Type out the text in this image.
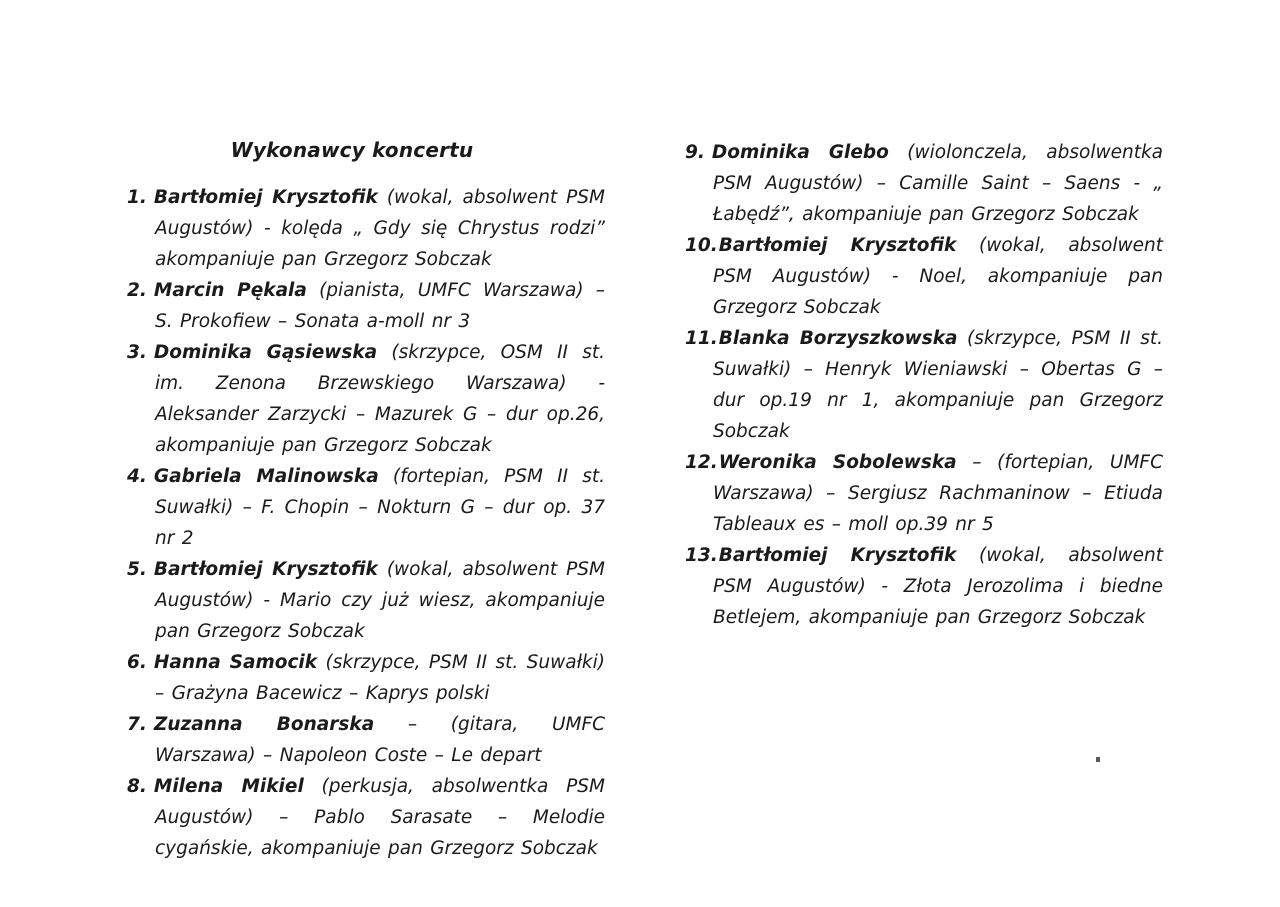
Wykonawcy koncertu
1. Bartłomiej Krysztofik (wokal, absolwent PSM Augustów) - kolęda „ Gdy się Chrystus rodzi” akompaniuje pan Grzegorz Sobczak
2. Marcin Pękala (pianista, UMFC Warszawa) – S. Prokofiew – Sonata a-moll nr 3
3. Dominika Gąsiewska (skrzypce, OSM II st. im. Zenona Brzewskiego Warszawa) - Aleksander Zarzycki – Mazurek G – dur op.26, akompaniuje pan Grzegorz Sobczak
4. Gabriela Malinowska (fortepian, PSM II st. Suwałki) – F. Chopin – Nokturn G – dur op. 37 nr 2
5. Bartłomiej Krysztofik (wokal, absolwent PSM Augustów) - Mario czy już wiesz, akompaniuje pan Grzegorz Sobczak
6. Hanna Samocik (skrzypce, PSM II st. Suwałki) – Grażyna Bacewicz – Kaprys polski
7. Zuzanna Bonarska – (gitara, UMFC Warszawa) – Napoleon Coste – Le depart
8. Milena Mikiel (perkusja, absolwentka PSM Augustów) – Pablo Sarasate – Melodie cygańskie, akompaniuje pan Grzegorz Sobczak
9. Dominika Glebo (wiolonczela, absolwentka PSM Augustów) – Camille Saint – Saens - „ Łabędź”, akompaniuje pan Grzegorz Sobczak
10.Bartłomiej Krysztofik (wokal, absolwent PSM Augustów) - Noel, akompaniuje pan Grzegorz Sobczak
11.Blanka Borzyszkowska (skrzypce, PSM II st. Suwałki) – Henryk Wieniawski – Obertas G – dur op.19 nr 1, akompaniuje pan Grzegorz Sobczak
12.Weronika Sobolewska – (fortepian, UMFC Warszawa) – Sergiusz Rachmaninow – Etiuda Tableaux es – moll op.39 nr 5
13.Bartłomiej Krysztofik (wokal, absolwent PSM Augustów) - Złota Jerozolima i biedne Betlejem, akompaniuje pan Grzegorz Sobczak
